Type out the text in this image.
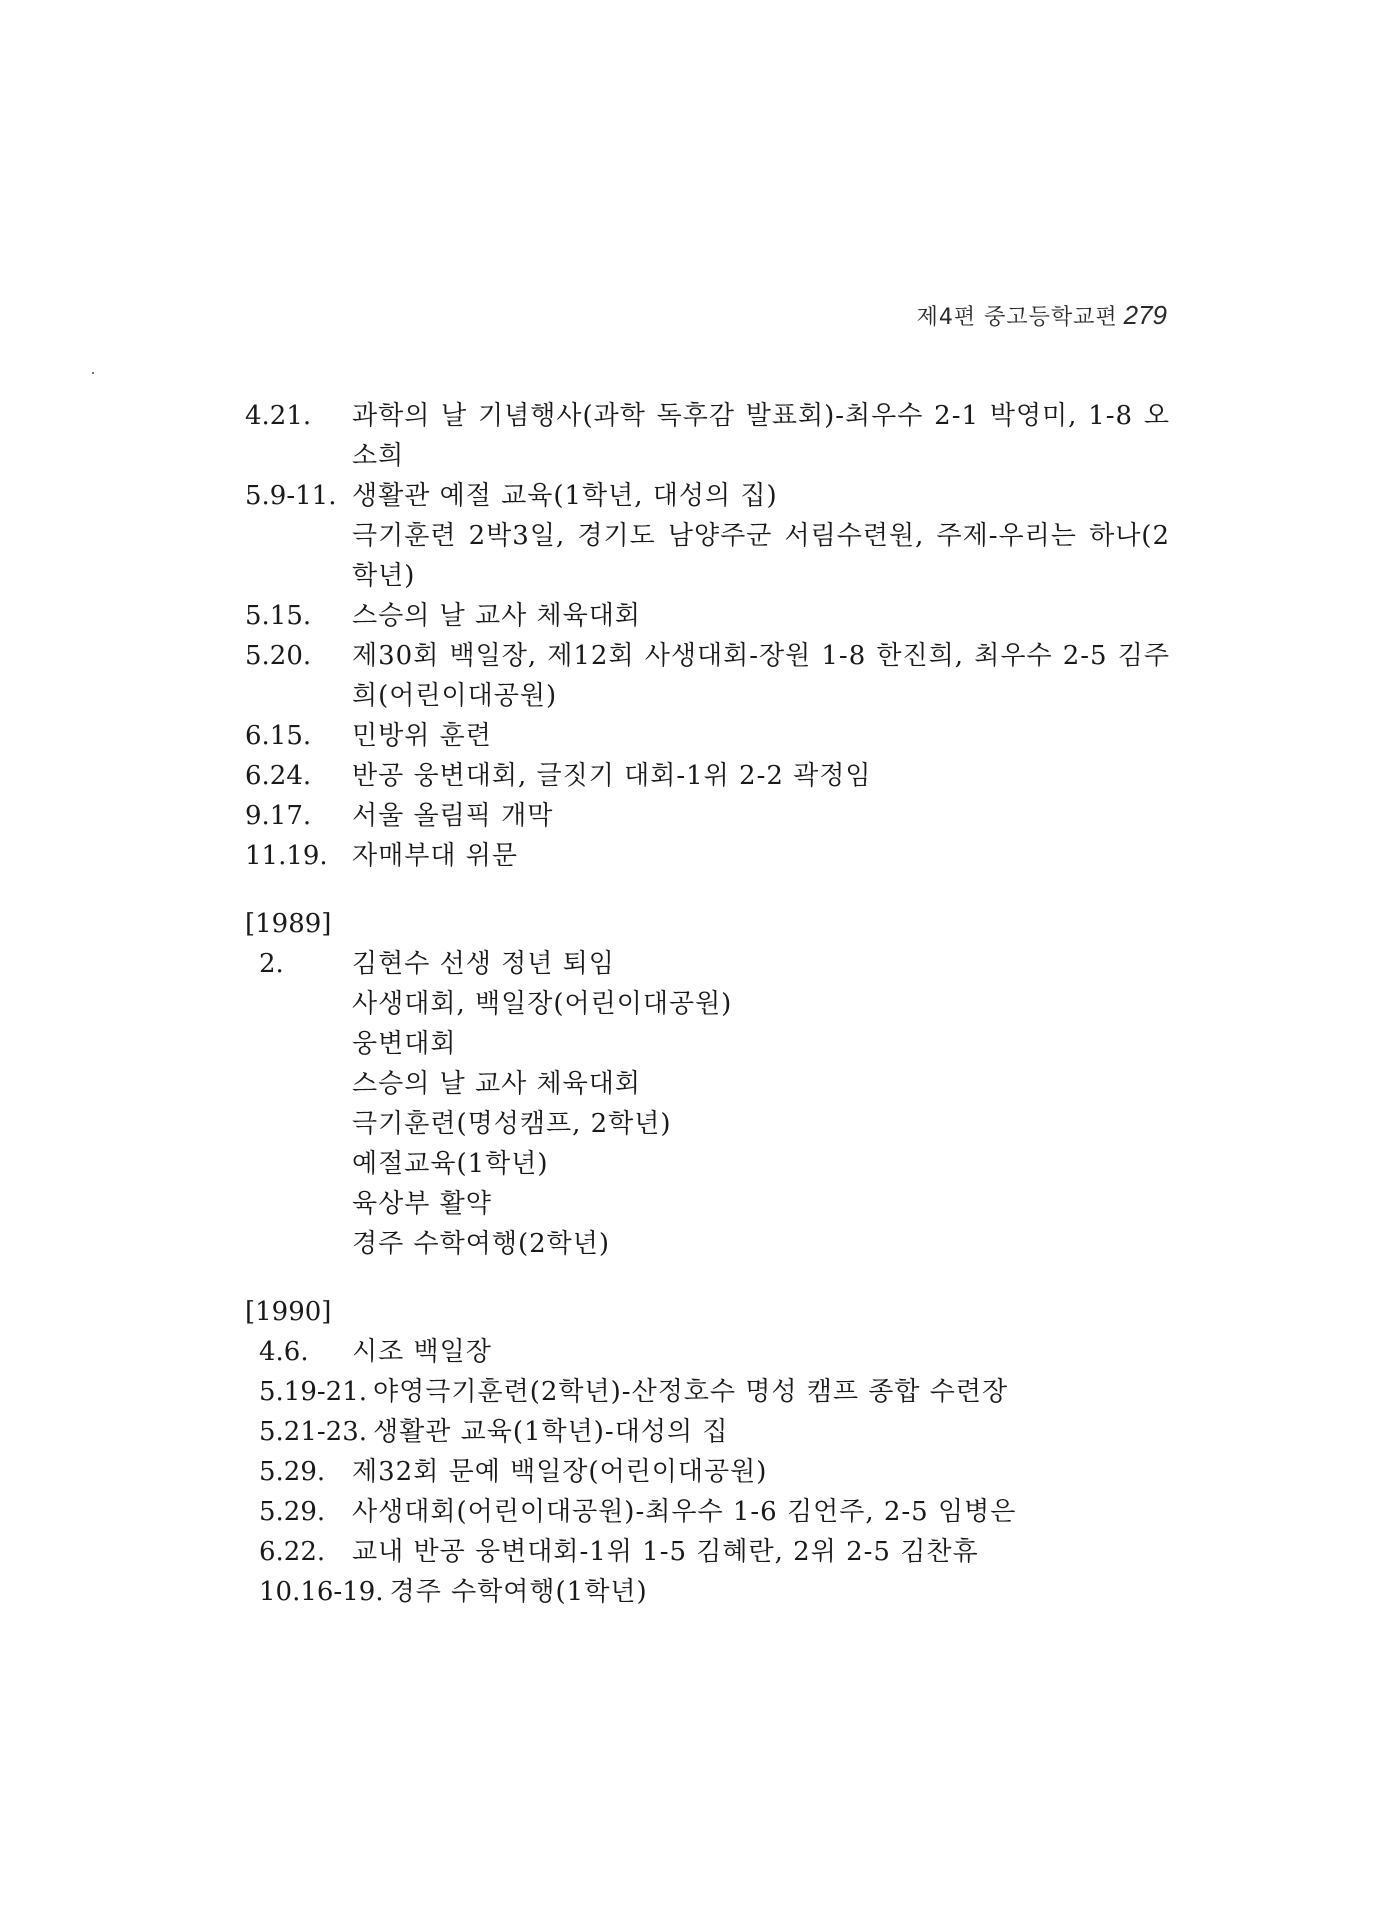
제4편 중고등학교편 279
4.21.	과학의 날 기념행사(과학 독후감 발표회)-최우수 2-1 박영미, 1-8 오소희
5.9-11. 생활관 예절 교육(1학년, 대성의 집)
극기훈련 2박3일, 경기도 남양주군 서림수련원, 주제-우리는 하나(2학년)
5.15.	스승의 날 교사 체육대회
5.20.	제30회 백일장, 제12회 사생대회-장원 1-8 한진희, 최우수 2-5 김주희(어린이대공원)
6.15.	민방위 훈련
6.24.	반공 웅변대회, 글짓기 대회-1위 2-2 곽정임
9.17.	서울 올림픽 개막
11.19. 자매부대 위문
[1989]
2.	김현수 선생 정년 퇴임
사생대회, 백일장(어린이대공원)
웅변대회
스승의 날 교사 체육대회
극기훈련(명성캠프, 2학년)
예절교육(1학년)
육상부 활약
경주 수학여행(2학년)
[1990]
4.6.	시조 백일장
5.19-21. 야영극기훈련(2학년)-산정호수 명성 캠프 종합 수련장
5.21-23. 생활관 교육(1학년)-대성의 집
5.29.	제32회 문예 백일장(어린이대공원)
5.29.	사생대회(어린이대공원)-최우수 1-6 김언주, 2-5 임병은
6.22.	교내 반공 웅변대회-1위 1-5 김혜란, 2위 2-5 김찬휴
10.16-19. 경주 수학여행(1학년)
